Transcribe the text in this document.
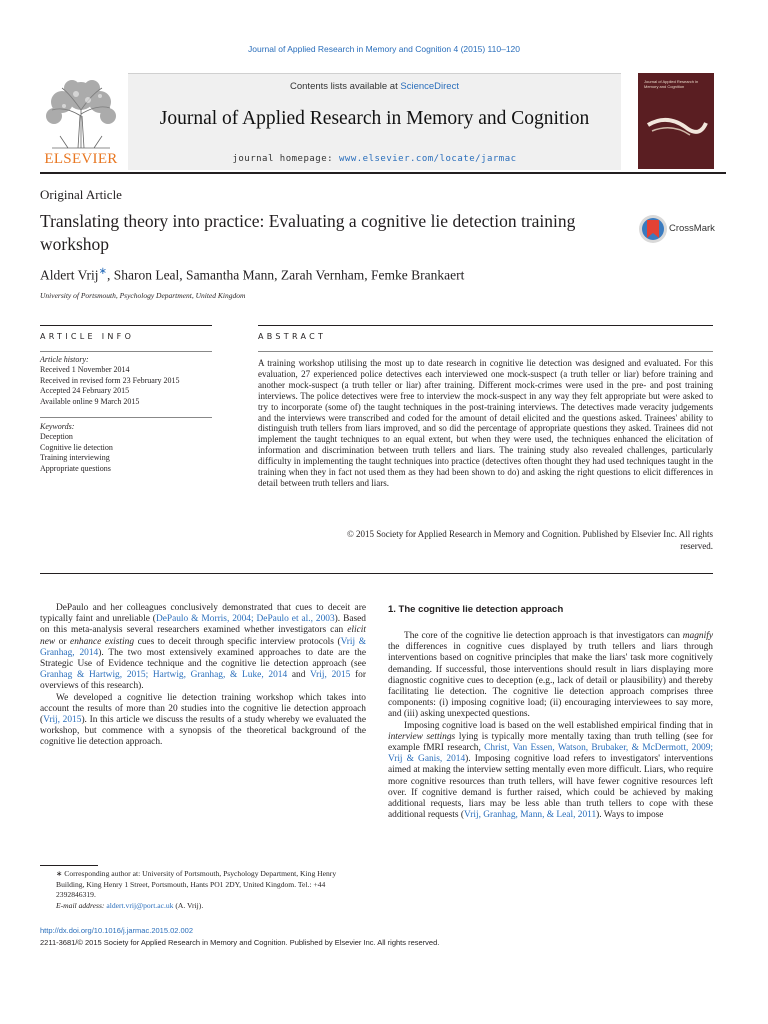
Journal of Applied Research in Memory and Cognition 4 (2015) 110–120
ELSEVIER
Contents lists available at ScienceDirect
Journal of Applied Research in Memory and Cognition
journal homepage: www.elsevier.com/locate/jarmac
Journal of Applied Research in Memory and Cognition
Original Article
Translating theory into practice: Evaluating a cognitive lie detection training workshop
CrossMark
Aldert Vrij∗, Sharon Leal, Samantha Mann, Zarah Vernham, Femke Brankaert
University of Portsmouth, Psychology Department, United Kingdom
ARTICLE INFO	ABSTRACT
Article history:
Received 1 November 2014
Received in revised form 23 February 2015
Accepted 24 February 2015
Available online 9 March 2015
Keywords:
Deception
Cognitive lie detection
Training interviewing
Appropriate questions
A training workshop utilising the most up to date research in cognitive lie detection was designed and evaluated. For this evaluation, 27 experienced police detectives each interviewed one mock-suspect (a truth teller or liar) before training and another mock-suspect (a truth teller or liar) after training. Different mock-crimes were used in the pre- and post training interviews. The police detectives were free to interview the mock-suspect in any way they felt appropriate but were asked to try to incorporate (some of) the taught techniques in the post-training interviews. The detectives made veracity judgements and the interviews were transcribed and coded for the amount of detail elicited and the questions asked. Trainees' ability to distinguish truth tellers from liars improved, and so did the percentage of appropriate questions they asked. Trainees did not implement the taught techniques to an equal extent, but when they were used, the techniques enhanced the elicitation of information and discrimination between truth tellers and liars. The training study also revealed challenges, particularly difficulty in implementing the taught techniques into practice (detectives often thought they had used techniques taught in the training when they in fact not used them as they had been shown to do) and asking the right questions to elicit differences in detail between truth tellers and liars.
© 2015 Society for Applied Research in Memory and Cognition. Published by Elsevier Inc. All rights
reserved.

DePaulo and her colleagues conclusively demonstrated that cues to deceit are typically faint and unreliable (DePaulo & Morris, 2004; DePaulo et al., 2003). Based on this meta-analysis several researchers examined whether investigators can elicit new or enhance existing cues to deceit through specific interview protocols (Vrij & Granhag, 2014). The two most extensively examined approaches to date are the Strategic Use of Evidence technique and the cognitive lie detection approach (see Granhag & Hartwig, 2015; Hartwig, Granhag, & Luke, 2014 and Vrij, 2015 for overviews of this research).

We developed a cognitive lie detection training workshop which takes into account the results of more than 20 studies into the cognitive lie detection approach (Vrij, 2015). In this article we discuss the results of a study whereby we evaluated the workshop, but commence with a synopsis of the theoretical background of the cognitive lie detection approach.

1. The cognitive lie detection approach

The core of the cognitive lie detection approach is that investigators can magnify the differences in cognitive cues displayed by truth tellers and liars through interventions based on cognitive principles that make the liars' task more cognitively demanding. If successful, those interventions should result in liars displaying more diagnostic cognitive cues to deception (e.g., lack of detail or plausibility) and thereby facilitating lie detection. The cognitive lie detection approach comprises three components: (i) imposing cognitive load; (ii) encouraging interviewees to say more, and (iii) asking unexpected questions.

Imposing cognitive load is based on the well established empirical finding that in interview settings lying is typically more mentally taxing than truth telling (see for example fMRI research, Christ, Van Essen, Watson, Brubaker, & McDermott, 2009; Vrij & Ganis, 2014). Imposing cognitive load refers to investigators' interventions aimed at making the interview setting mentally even more difficult. Liars, who require more cognitive resources than truth tellers, will have fewer cognitive resources left over. If cognitive demand is further raised, which could be achieved by making additional requests, liars may be less able than truth tellers to cope with these additional requests (Vrij, Granhag, Mann, & Leal, 2011). Ways to impose

∗ Corresponding author at: University of Portsmouth, Psychology Department, King Henry Building, King Henry 1 Street, Portsmouth, Hants PO1 2DY, United Kingdom. Tel.: +44 2392846319.
E-mail address: aldert.vrij@port.ac.uk (A. Vrij).
http://dx.doi.org/10.1016/j.jarmac.2015.02.002
2211-3681/© 2015 Society for Applied Research in Memory and Cognition. Published by Elsevier Inc. All rights reserved.
